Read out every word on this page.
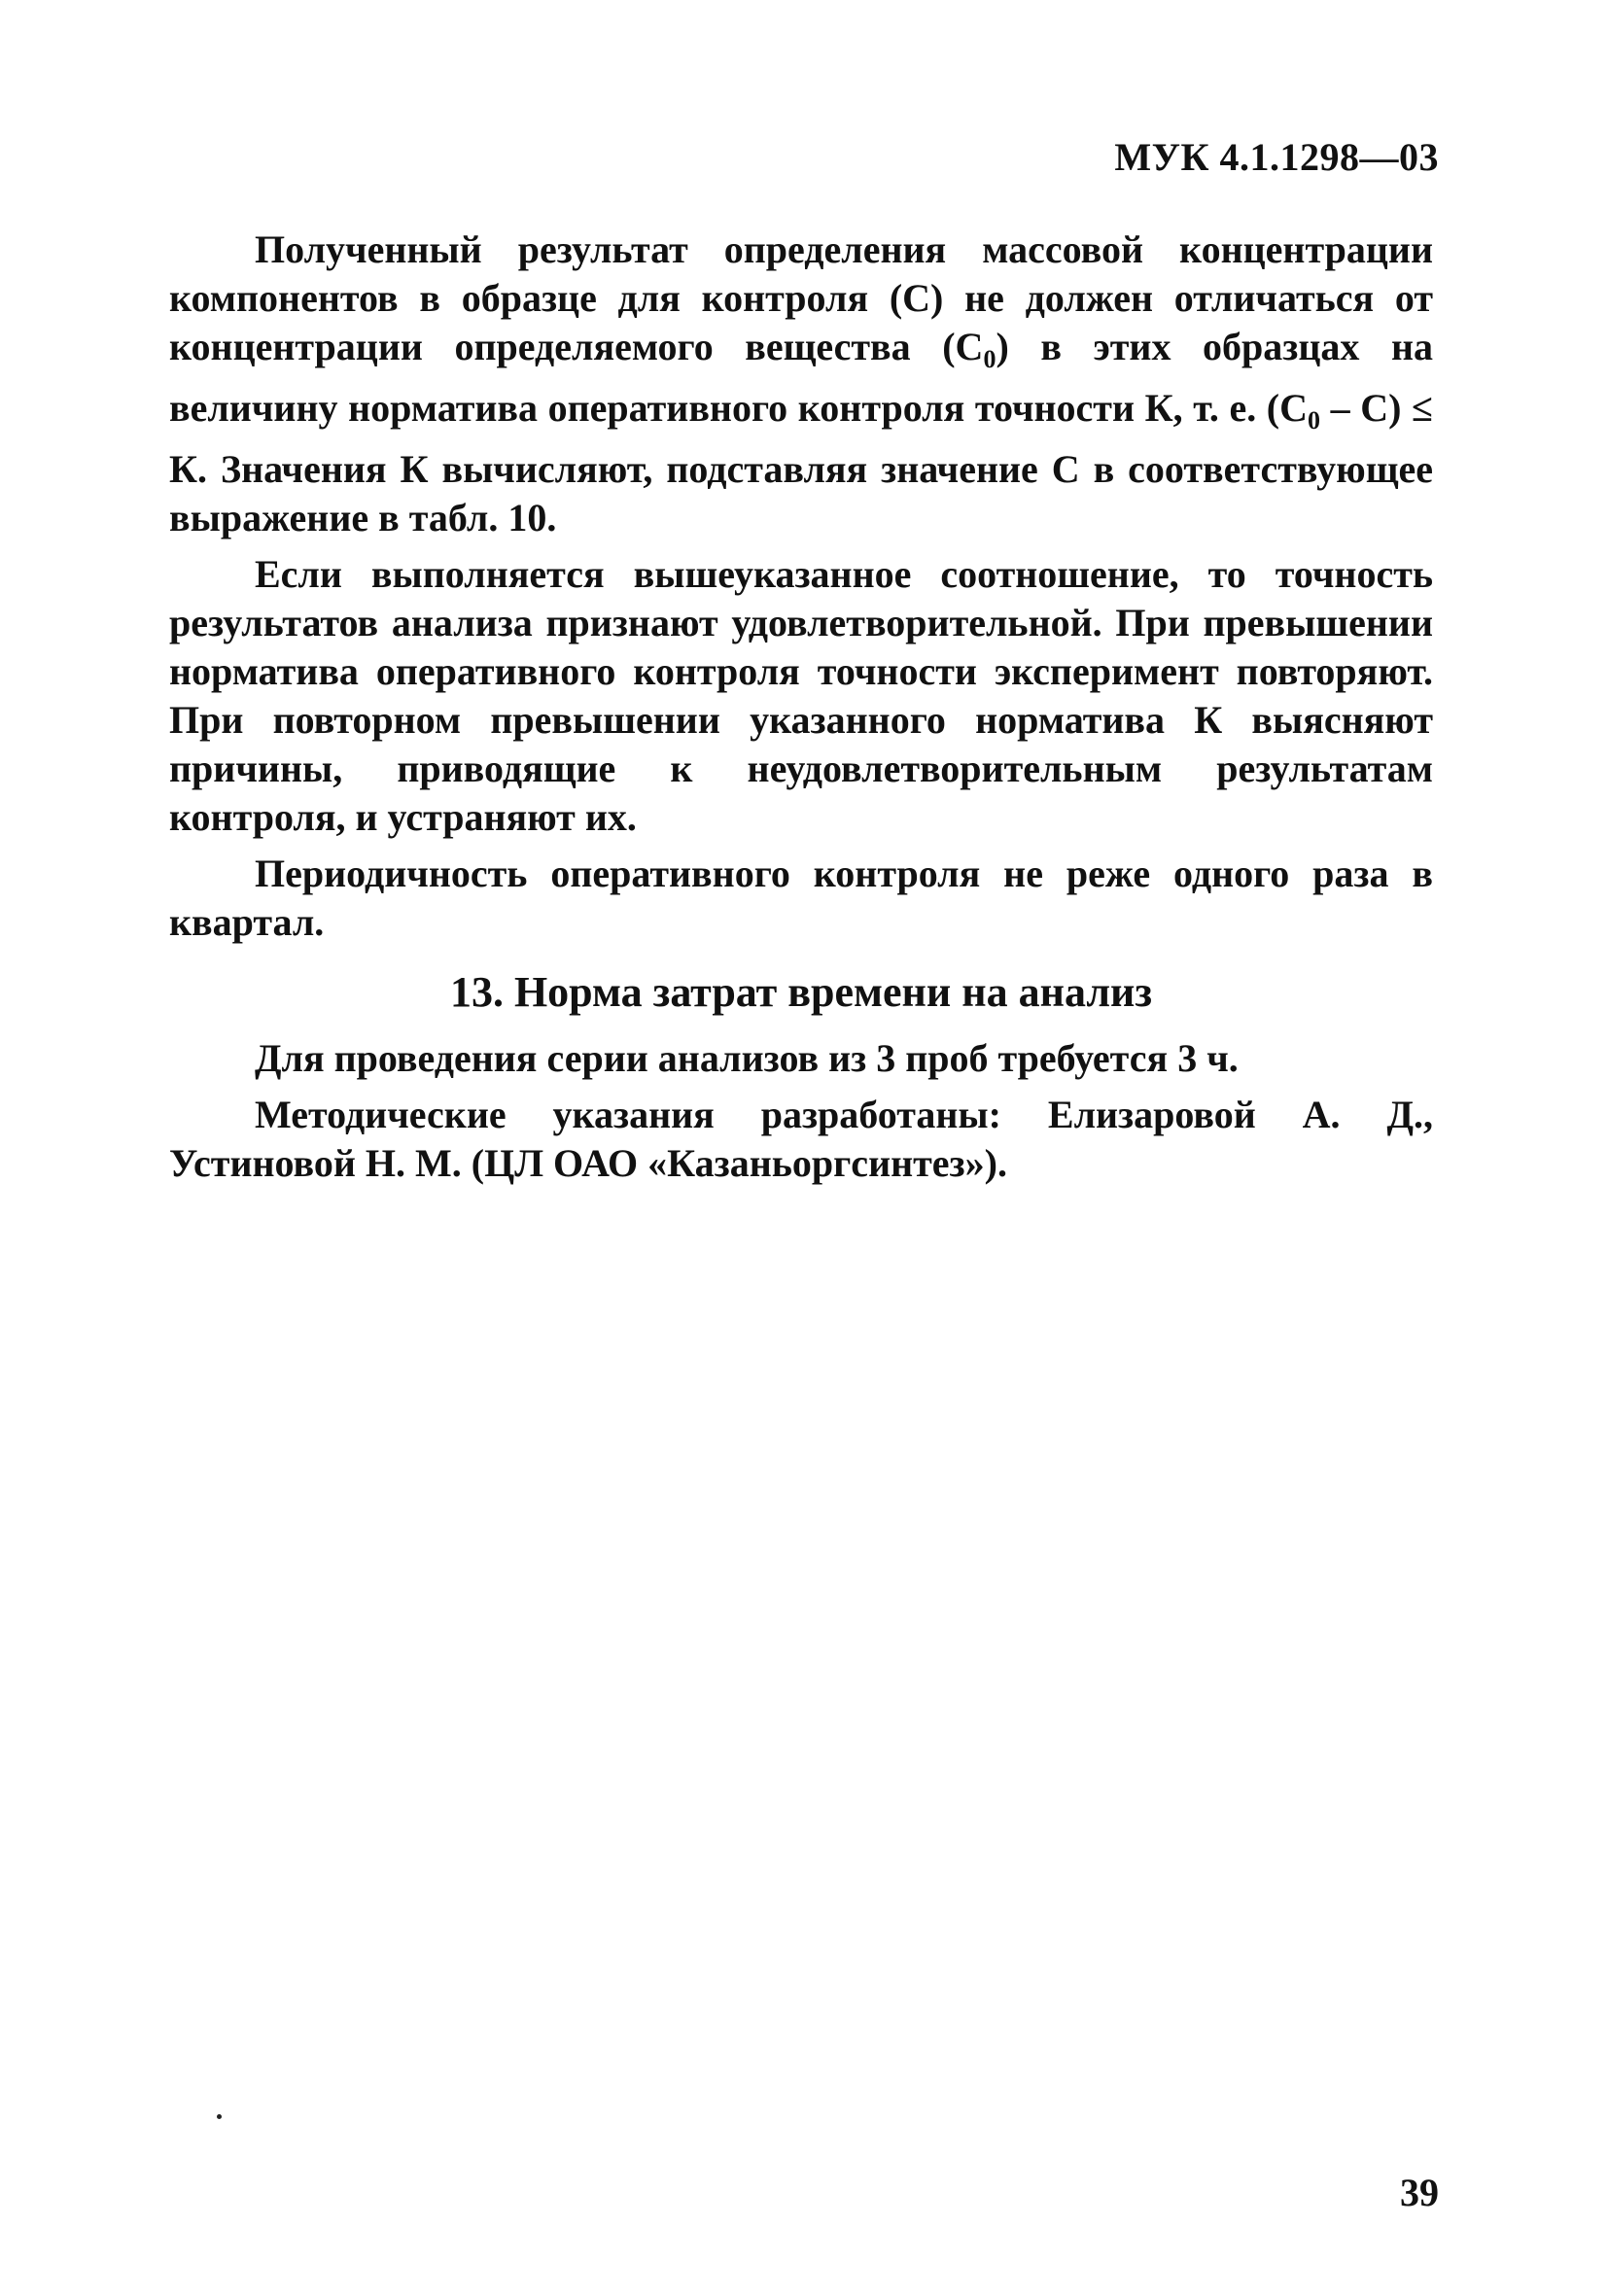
МУК 4.1.1298—03

Полученный результат определения массовой концентрации компонентов в образце для контроля (С) не должен отличаться от концентрации определяемого вещества $(С_0)$ в этих образцах на величину норматива оперативного контроля точности К, т. е. $(С_0 - С) \le К$. Значения К вычисляют, подставляя значение С в соответствующее выражение в табл. 10.

Если выполняется вышеуказанное соотношение, то точность результатов анализа признают удовлетворительной. При превышении норматива оперативного контроля точности эксперимент повторяют. При повторном превышении указанного норматива К выясняют причины, приводящие к неудовлетворительным результатам контроля, и устраняют их.

Периодичность оперативного контроля не реже одного раза в квартал.

13. Норма затрат времени на анализ

Для проведения серии анализов из 3 проб требуется 3 ч.

Методические указания разработаны: Елизаровой А. Д., Устиновой Н. М. (ЦЛ ОАО «Казаньоргсинтез»).

39
